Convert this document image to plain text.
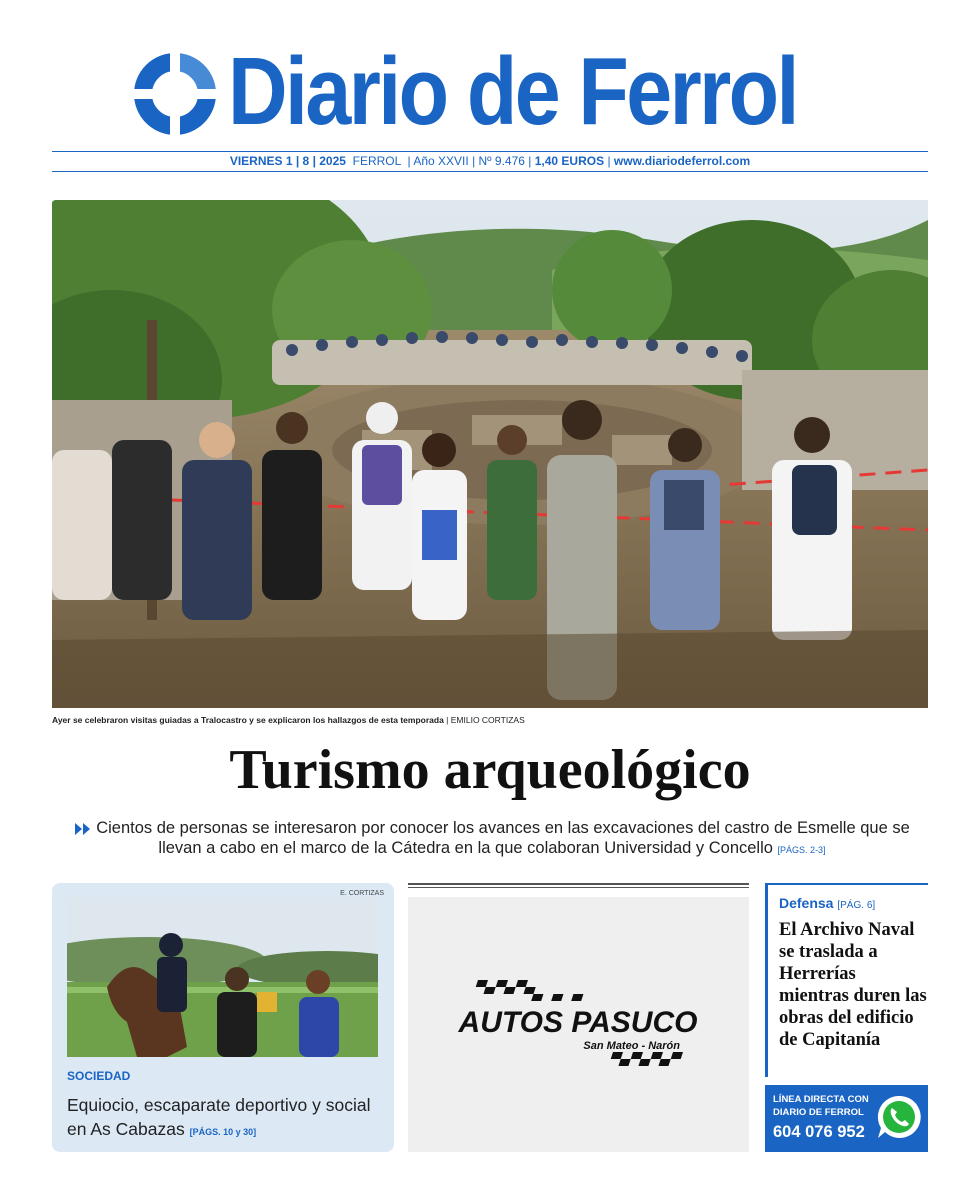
Diario de Ferrol
VIERNES 1 | 8 | 2025 FERROL  | Año XXVII | Nº 9.476 | 1,40 EUROS | www.diariodeferrol.com
Ayer se celebraron visitas guiadas a Tralocastro y se explicaron los hallazgos de esta temporada | EMILIO CORTIZAS
Turismo arqueológico
Cientos de personas se interesaron por conocer los avances en las excavaciones del castro de Esmelle que se llevan a cabo en el marco de la Cátedra en la que colaboran Universidad y Concello [PÁGS. 2-3]
E. CORTIZAS
SOCIEDAD
Equiocio, escaparate deportivo y social en As Cabazas [PÁGS. 10 y 30]
AUTOS PASUCO
San Mateo - Narón
Defensa [PÁG. 6]
El Archivo Naval se traslada a Herrerías mientras duren las obras del edificio de Capitanía
LÍNEA DIRECTA CON
DIARIO DE FERROL
604 076 952
